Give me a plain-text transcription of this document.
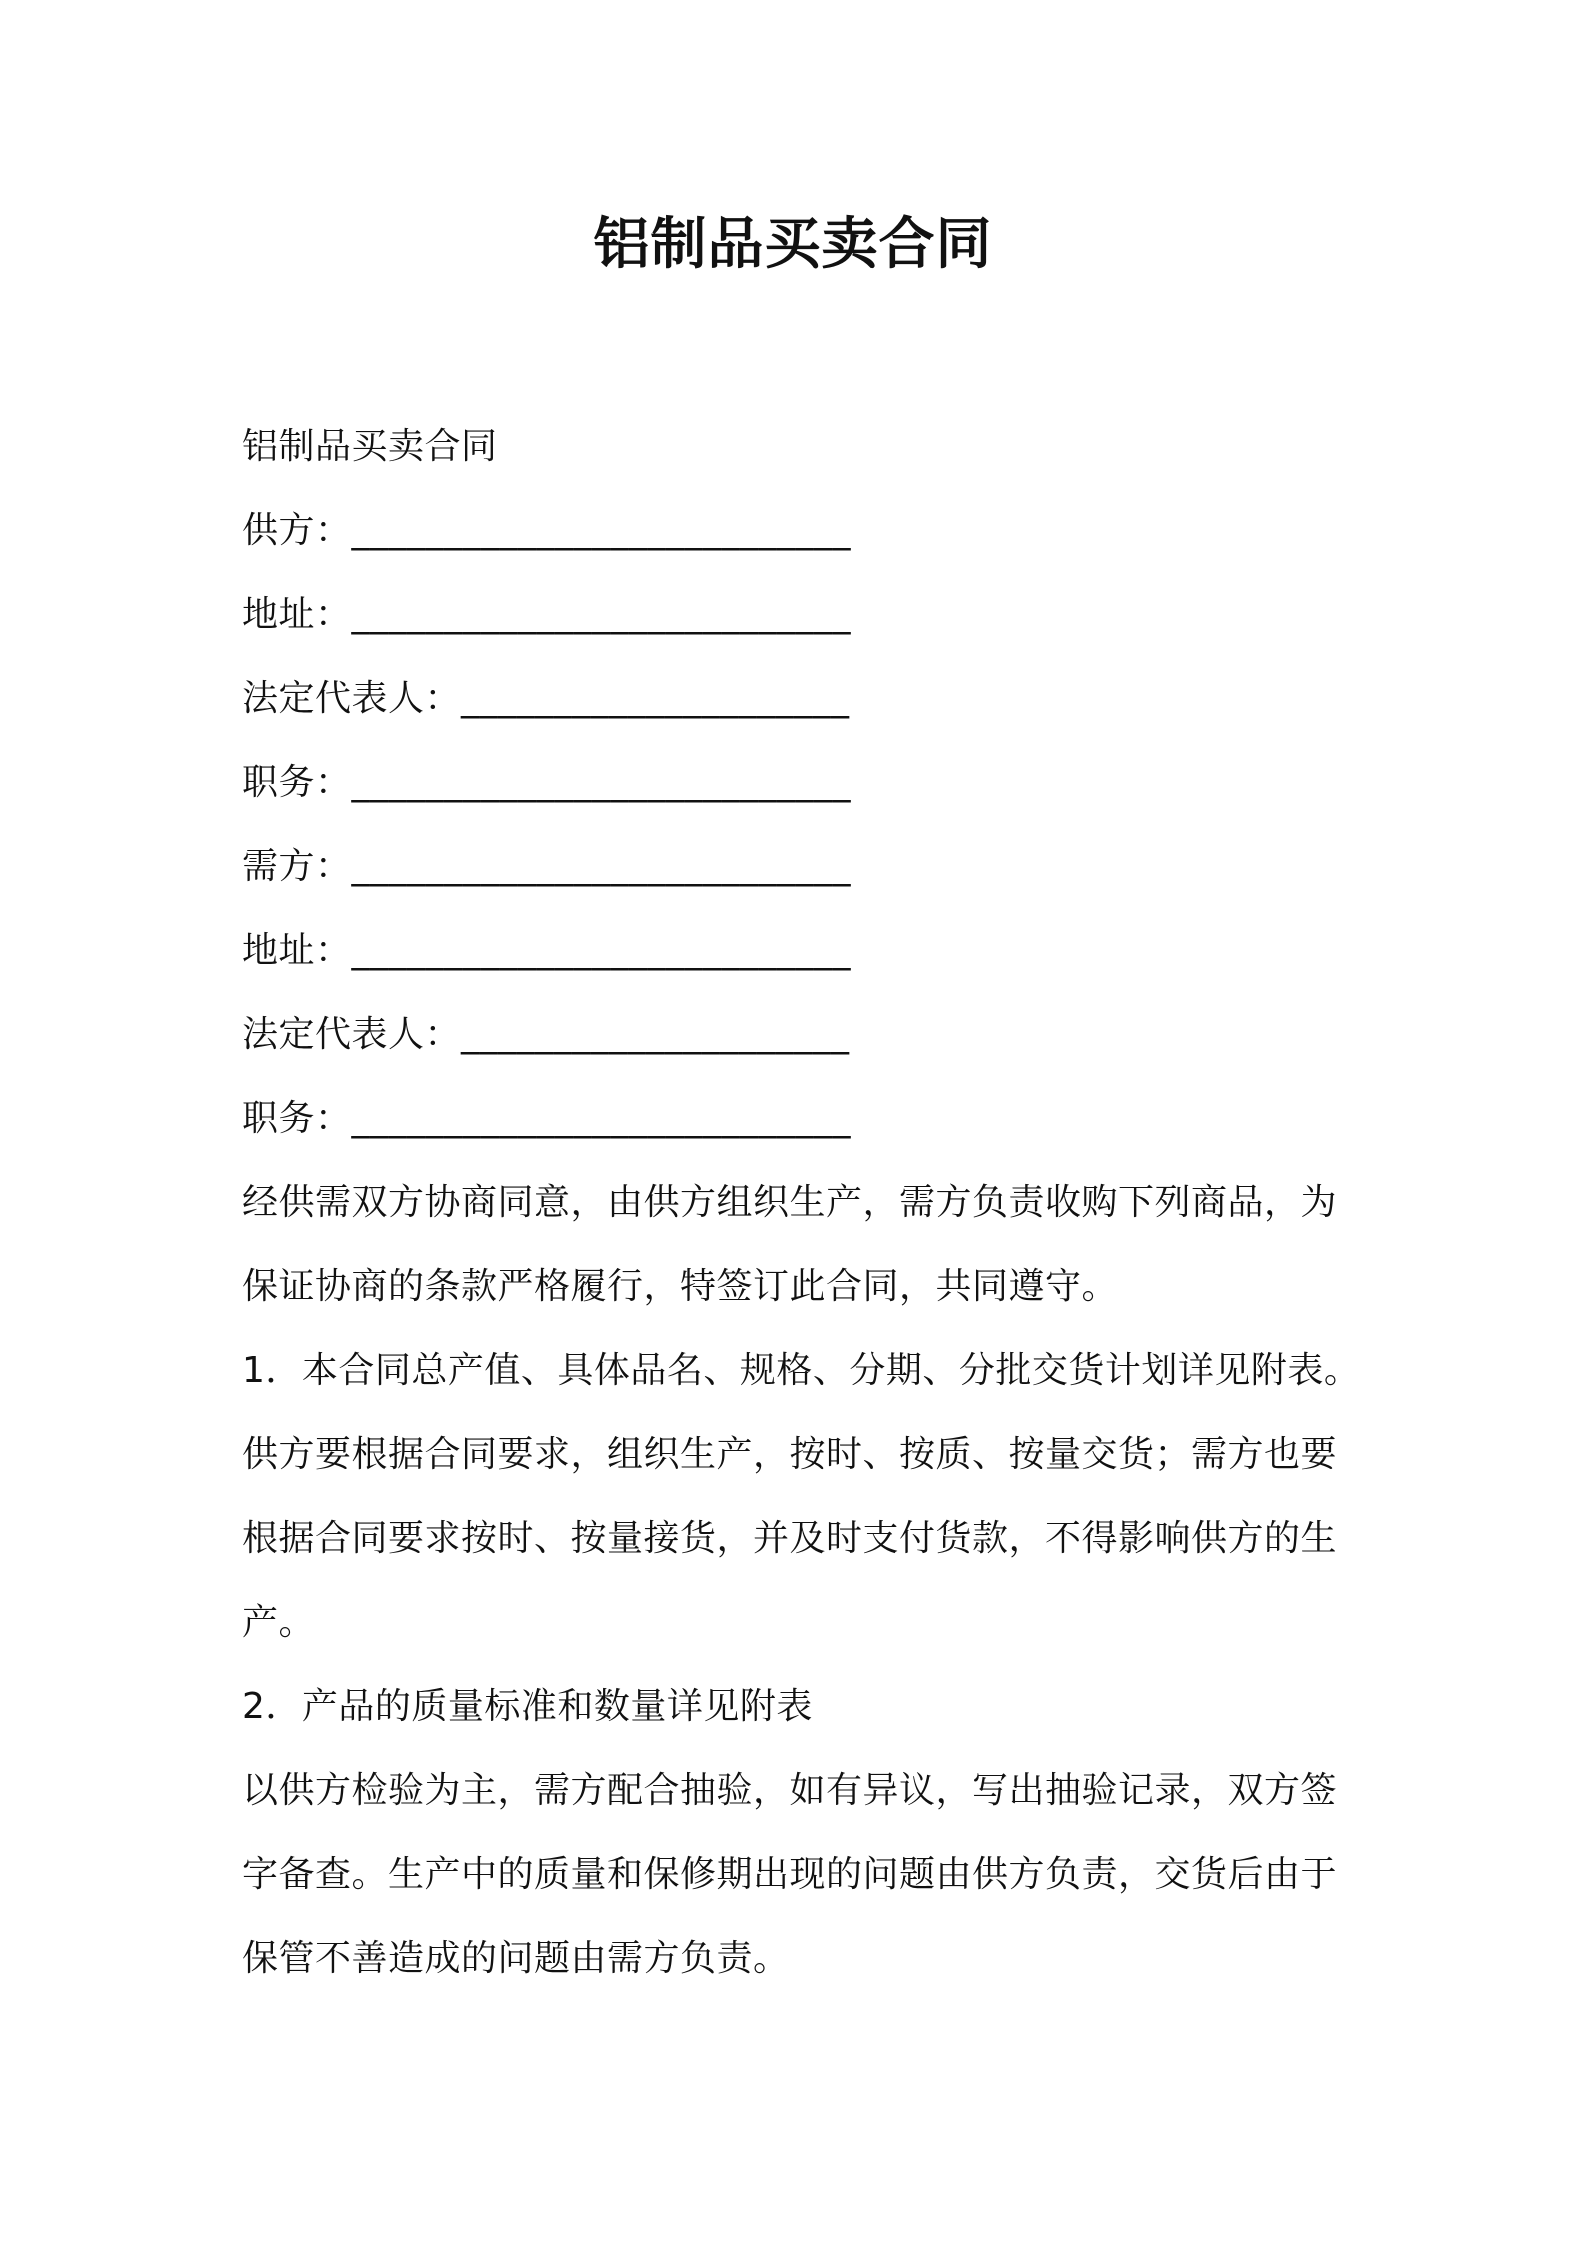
铝制品买卖合同
铝制品买卖合同
供方：___________________________
地址：___________________________
法定代表人：_____________________
职务：___________________________
需方：___________________________
地址：___________________________
法定代表人：_____________________
职务：___________________________
经供需双方协商同意，由供方组织生产，需方负责收购下列商品，为
保证协商的条款严格履行，特签订此合同，共同遵守。
1．本合同总产值、具体品名、规格、分期、分批交货计划详见附表。
供方要根据合同要求，组织生产，按时、按质、按量交货；需方也要
根据合同要求按时、按量接货，并及时支付货款，不得影响供方的生
产。
2．产品的质量标准和数量详见附表
以供方检验为主，需方配合抽验，如有异议，写出抽验记录，双方签
字备查。生产中的质量和保修期出现的问题由供方负责，交货后由于
保管不善造成的问题由需方负责。
